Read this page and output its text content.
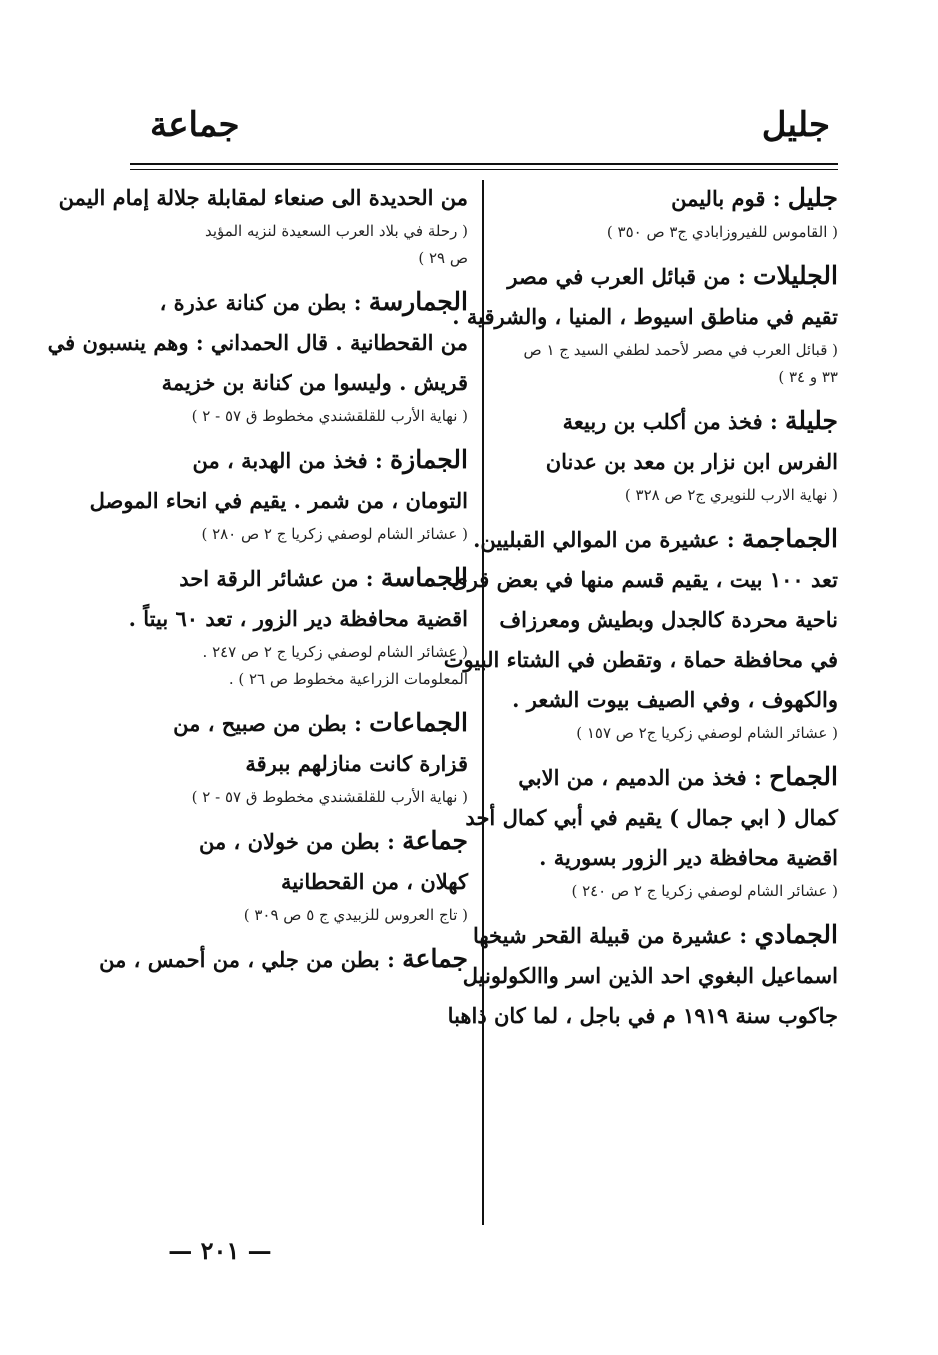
جليل
جماعة
جليل : قوم باليمن
( القاموس للفيروزابادي ج٣ ص ٣٥٠ )
الجليلات : من قبائل العرب في مصر
تقيم في مناطق اسيوط ، المنيا ، والشرقية .
( قبائل العرب في مصر لأحمد لطفي السيد ج ١ ص
٣٣ و ٣٤ )
جليلة : فخذ من أكلب بن ربيعة
الفرس ابن نزار بن معد بن عدنان
( نهاية الارب للنويري ج٢ ص ٣٢٨ )
الجماجمة : عشيرة من الموالي القبليين.
تعد ١٠٠ بيت ، يقيم قسم منها في بعض قرى
ناحية محردة كالجدل وبطيش ومعرزاف
في محافظة حماة ، وتقطن في الشتاء البيوت
والكهوف ، وفي الصيف بيوت الشعر .
( عشائر الشام لوصفي زكريا ج٢ ص ١٥٧ )
الجماح : فخذ من الدميم ، من الابي
كمال ( ابي جمال ) يقيم في أبي كمال أحد
اقضية محافظة دير الزور بسورية .
( عشائر الشام لوصفي زكريا ج ٢ ص ٢٤٠ )
الجمادي : عشيرة من قبيلة القحر شيخها
اسماعيل البغوي احد الذين اسر واالكولونيل
جاكوب سنة ١٩١٩ م في باجل ، لما كان ذاهبا
من الحديدة الى صنعاء لمقابلة جلالة إمام اليمن
( رحلة في بلاد العرب السعيدة لنزيه المؤيد
ص ٢٩ )
الجمارسة : بطن من كنانة عذرة ،
من القحطانية . قال الحمداني : وهم ينسبون في
قريش . وليسوا من كنانة بن خزيمة
( نهاية الأرب للقلقشندي مخطوط ق ٥٧ - ٢ )
الجمازة : فخذ من الهدبة ، من
التومان ، من شمر . يقيم في انحاء الموصل
( عشائر الشام لوصفي زكريا ج ٢ ص ٢٨٠ )
الجماسة : من عشائر الرقة احد
اقضية محافظة دير الزور ، تعد ٦٠ بيتاً .
( عشائر الشام لوصفي زكريا ج ٢ ص ٢٤٧ .
المعلومات الزراعية مخطوط ص ٢٦ ) .
الجماعات : بطن من صبيح ، من
قزارة كانت منازلهم ببرقة
( نهاية الأرب للقلقشندي مخطوط ق ٥٧ - ٢ )
جماعة : بطن من خولان ، من
كهلان ، من القحطانية
( تاج العروس للزبيدي ج ٥ ص ٣٠٩ )
جماعة : بطن من جلي ، من أحمس ، من
— ٢٠١ —
